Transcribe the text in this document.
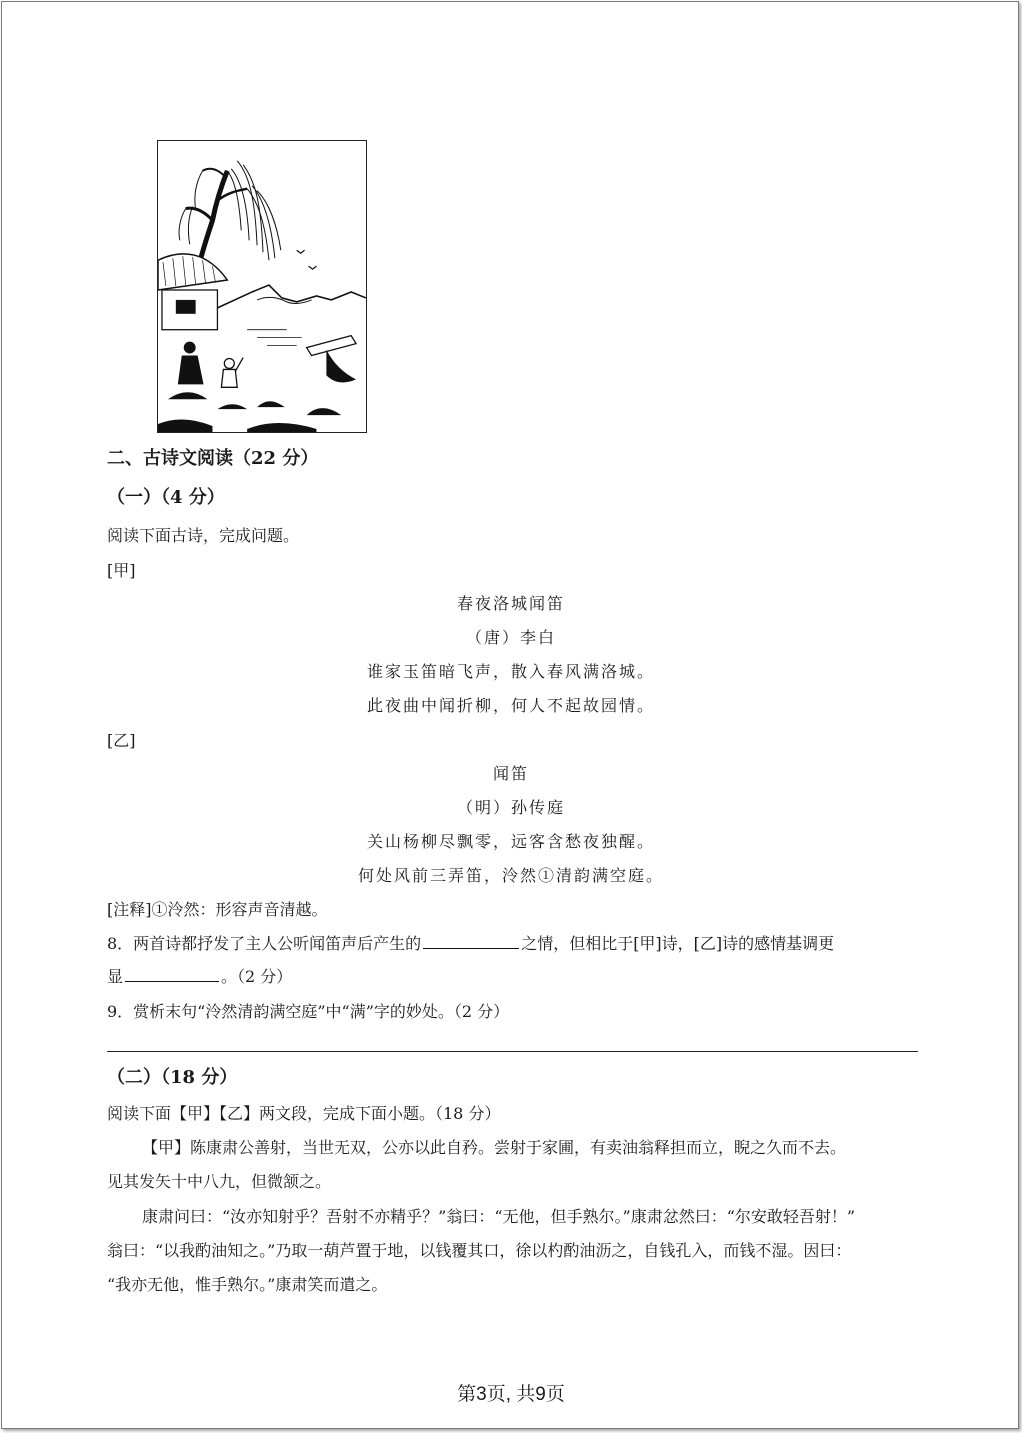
二、古诗文阅读（22 分）
（一）（4 分）
阅读下面古诗，完成问题。
[甲]
春夜洛城闻笛
（唐）李白
谁家玉笛暗飞声，散入春风满洛城。
此夜曲中闻折柳，何人不起故园情。
[乙]
闻笛
（明）孙传庭
关山杨柳尽飘零，远客含愁夜独醒。
何处风前三弄笛，泠然①清韵满空庭。
[注释]①泠然：形容声音清越。
8．两首诗都抒发了主人公听闻笛声后产生的	之情，但相比于[甲]诗，[乙]诗的感情基调更
显	。（2 分）
9．赏析末句“泠然清韵满空庭”中“满”字的妙处。（2 分）
（二）（18 分）
阅读下面【甲】【乙】两文段，完成下面小题。（18 分）
【甲】陈康肃公善射，当世无双，公亦以此自矜。尝射于家圃，有卖油翁释担而立，睨之久而不去。
见其发矢十中八九，但微颔之。
康肃问曰：“汝亦知射乎？吾射不亦精乎？”翁曰：“无他，但手熟尔。”康肃忿然曰：“尔安敢轻吾射！”
翁曰：“以我酌油知之。”乃取一葫芦置于地，以钱覆其口，徐以杓酌油沥之，自钱孔入，而钱不湿。因曰：
“我亦无他，惟手熟尔。”康肃笑而遣之。
第3页, 共9页
